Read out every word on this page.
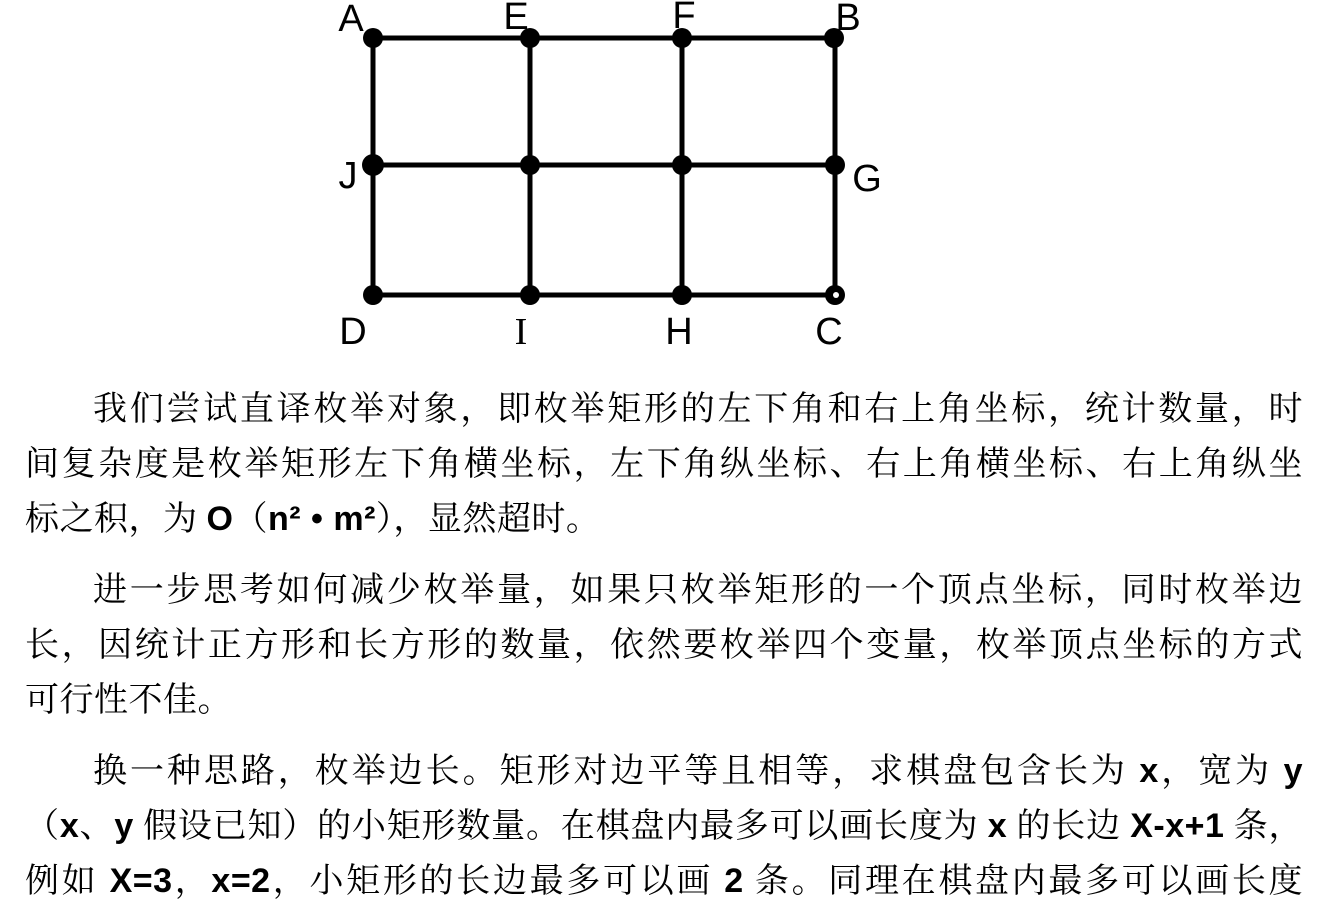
A	E	F	B
J	G
D	I	H	C
我们尝试直译枚举对象，即枚举矩形的左下角和右上角坐标，统计数量，时
间复杂度是枚举矩形左下角横坐标，左下角纵坐标、右上角横坐标、右上角纵坐
标之积，为 O（n² • m²），显然超时。
进一步思考如何减少枚举量，如果只枚举矩形的一个顶点坐标，同时枚举边
长，因统计正方形和长方形的数量，依然要枚举四个变量，枚举顶点坐标的方式
可行性不佳。
换一种思路，枚举边长。矩形对边平等且相等，求棋盘包含长为 x，宽为 y
（x、y 假设已知）的小矩形数量。在棋盘内最多可以画长度为 x 的长边 X-x+1 条，
例如 X=3，x=2，小矩形的长边最多可以画 2 条。同理在棋盘内最多可以画长度
